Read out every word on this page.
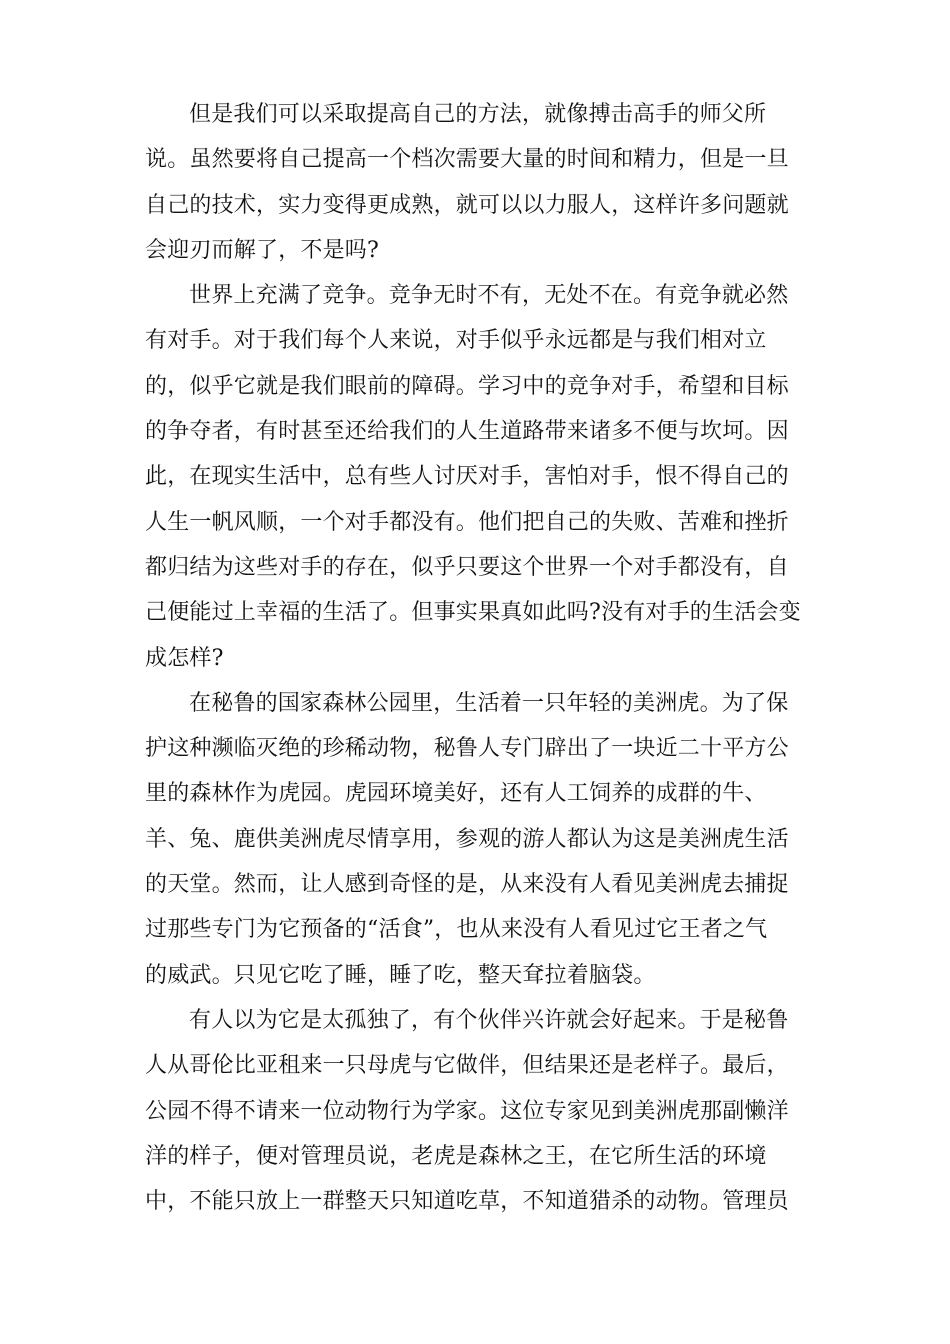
但是我们可以采取提高自己的方法，就像搏击高手的师父所
说。虽然要将自己提高一个档次需要大量的时间和精力，但是一旦
自己的技术，实力变得更成熟，就可以以力服人，这样许多问题就
会迎刃而解了，不是吗?
世界上充满了竞争。竞争无时不有，无处不在。有竞争就必然
有对手。对于我们每个人来说，对手似乎永远都是与我们相对立
的，似乎它就是我们眼前的障碍。学习中的竞争对手，希望和目标
的争夺者，有时甚至还给我们的人生道路带来诸多不便与坎坷。因
此，在现实生活中，总有些人讨厌对手，害怕对手，恨不得自己的
人生一帆风顺，一个对手都没有。他们把自己的失败、苦难和挫折
都归结为这些对手的存在，似乎只要这个世界一个对手都没有，自
己便能过上幸福的生活了。但事实果真如此吗?没有对手的生活会变
成怎样?
在秘鲁的国家森林公园里，生活着一只年轻的美洲虎。为了保
护这种濒临灭绝的珍稀动物，秘鲁人专门辟出了一块近二十平方公
里的森林作为虎园。虎园环境美好，还有人工饲养的成群的牛、
羊、兔、鹿供美洲虎尽情享用，参观的游人都认为这是美洲虎生活
的天堂。然而，让人感到奇怪的是，从来没有人看见美洲虎去捕捉
过那些专门为它预备的“活食”，也从来没有人看见过它王者之气
的威武。只见它吃了睡，睡了吃，整天耷拉着脑袋。
有人以为它是太孤独了，有个伙伴兴许就会好起来。于是秘鲁
人从哥伦比亚租来一只母虎与它做伴，但结果还是老样子。最后，
公园不得不请来一位动物行为学家。这位专家见到美洲虎那副懒洋
洋的样子，便对管理员说，老虎是森林之王，在它所生活的环境
中，不能只放上一群整天只知道吃草，不知道猎杀的动物。管理员
